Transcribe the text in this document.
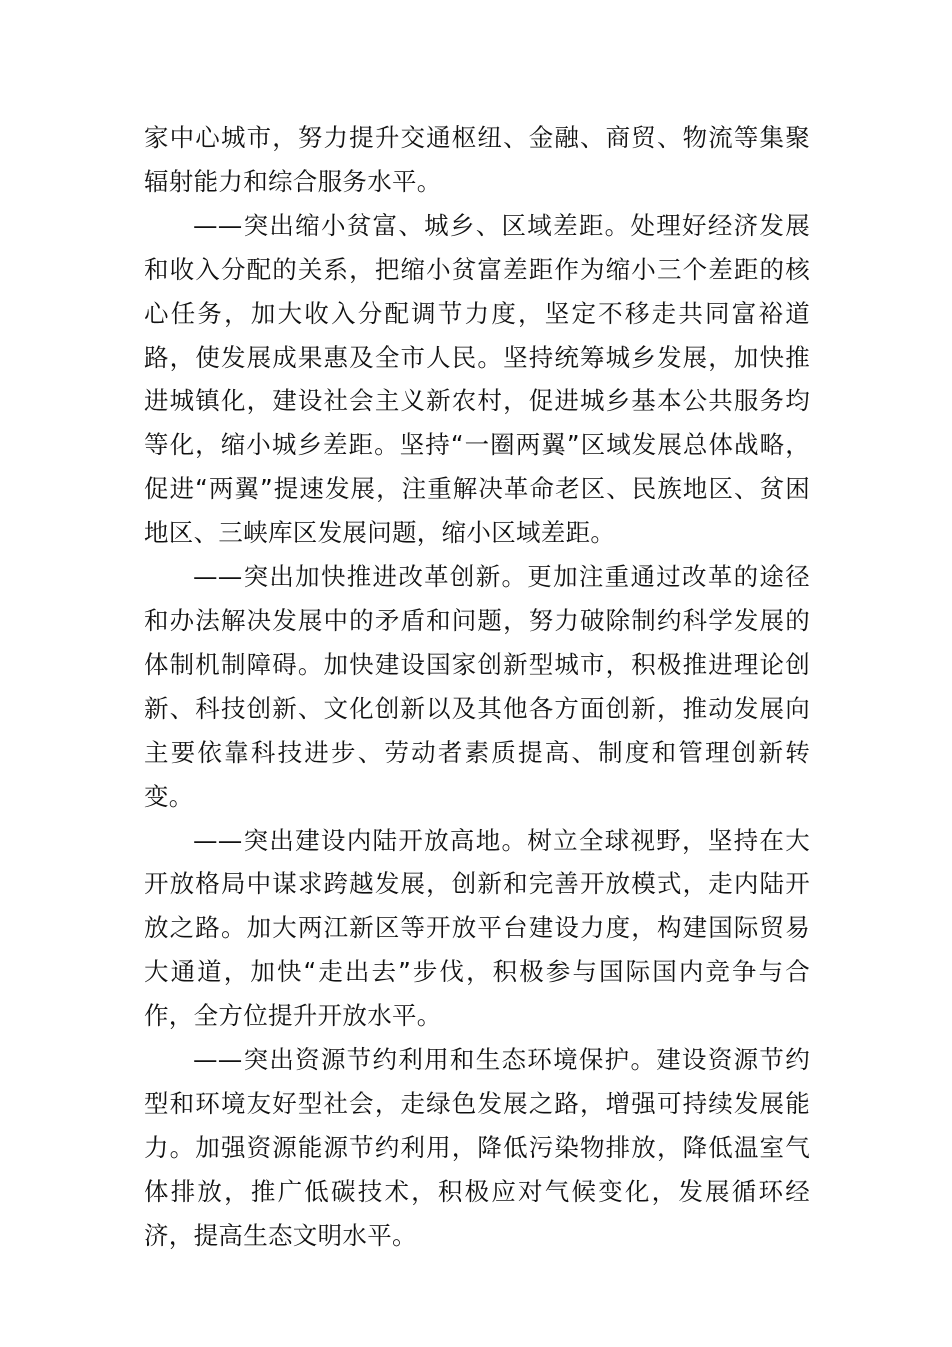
家中心城市，努力提升交通枢纽、金融、商贸、物流等集聚辐射能力和综合服务水平。

——突出缩小贫富、城乡、区域差距。处理好经济发展和收入分配的关系，把缩小贫富差距作为缩小三个差距的核心任务，加大收入分配调节力度，坚定不移走共同富裕道路，使发展成果惠及全市人民。坚持统筹城乡发展，加快推进城镇化，建设社会主义新农村，促进城乡基本公共服务均等化，缩小城乡差距。坚持“一圈两翼”区域发展总体战略，促进“两翼”提速发展，注重解决革命老区、民族地区、贫困地区、三峡库区发展问题，缩小区域差距。

——突出加快推进改革创新。更加注重通过改革的途径和办法解决发展中的矛盾和问题，努力破除制约科学发展的体制机制障碍。加快建设国家创新型城市，积极推进理论创新、科技创新、文化创新以及其他各方面创新，推动发展向主要依靠科技进步、劳动者素质提高、制度和管理创新转变。

——突出建设内陆开放高地。树立全球视野，坚持在大开放格局中谋求跨越发展，创新和完善开放模式，走内陆开放之路。加大两江新区等开放平台建设力度，构建国际贸易大通道，加快“走出去”步伐，积极参与国际国内竞争与合作，全方位提升开放水平。

——突出资源节约利用和生态环境保护。建设资源节约型和环境友好型社会，走绿色发展之路，增强可持续发展能力。加强资源能源节约利用，降低污染物排放，降低温室气体排放，推广低碳技术，积极应对气候变化，发展循环经济，提高生态文明水平。
